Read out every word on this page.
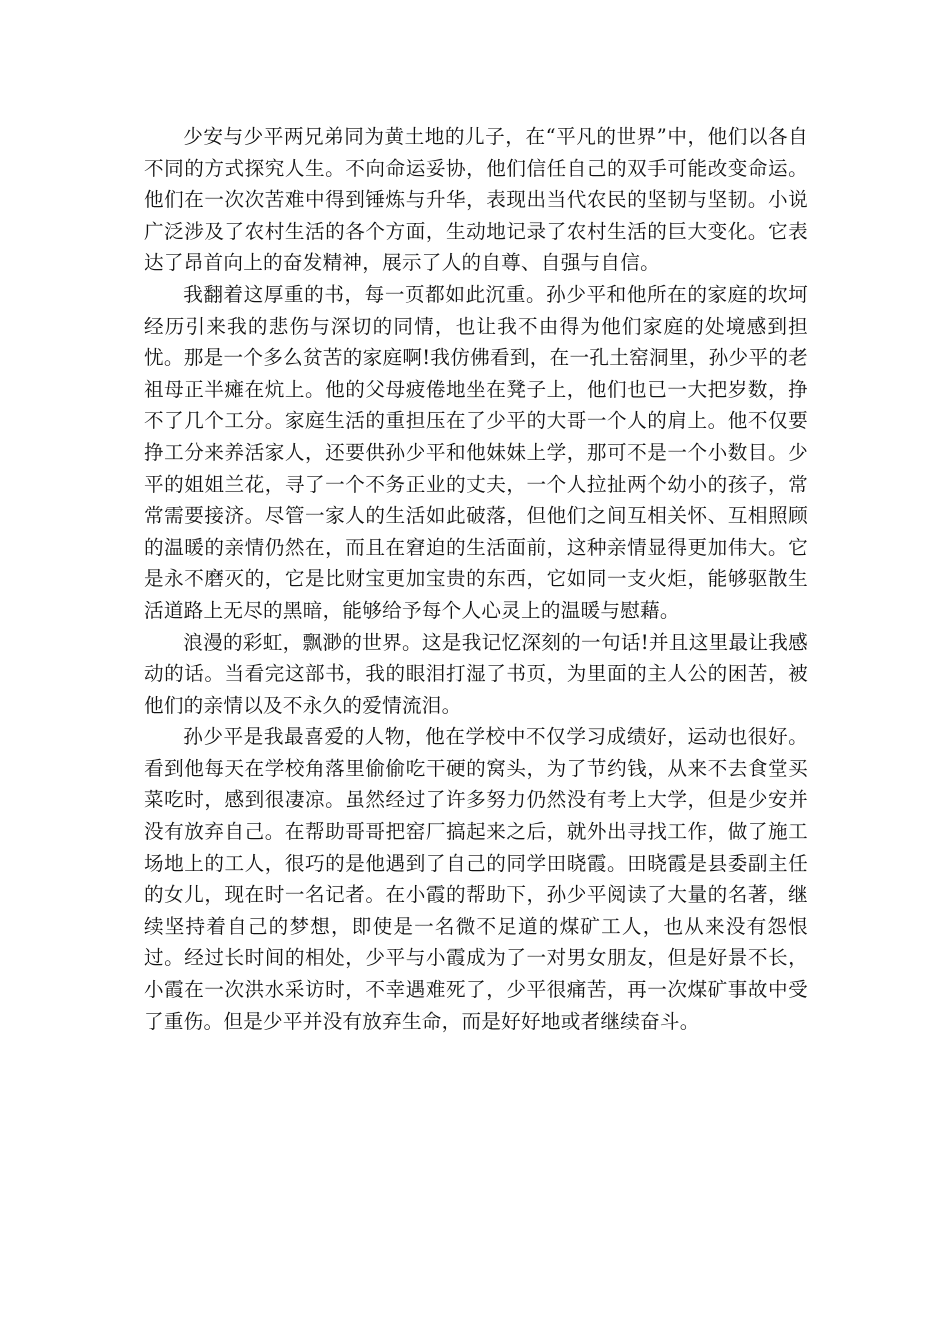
少安与少平两兄弟同为黄土地的儿子，在“平凡的世界”中，他们以各自不同的方式探究人生。不向命运妥协，他们信任自己的双手可能改变命运。他们在一次次苦难中得到锤炼与升华，表现出当代农民的坚韧与坚韧。小说广泛涉及了农村生活的各个方面，生动地记录了农村生活的巨大变化。它表达了昂首向上的奋发精神，展示了人的自尊、自强与自信。

我翻着这厚重的书，每一页都如此沉重。孙少平和他所在的家庭的坎坷经历引来我的悲伤与深切的同情，也让我不由得为他们家庭的处境感到担忧。那是一个多么贫苦的家庭啊!我仿佛看到，在一孔土窑洞里，孙少平的老祖母正半瘫在炕上。他的父母疲倦地坐在凳子上，他们也已一大把岁数，挣不了几个工分。家庭生活的重担压在了少平的大哥一个人的肩上。他不仅要挣工分来养活家人，还要供孙少平和他妹妹上学，那可不是一个小数目。少平的姐姐兰花，寻了一个不务正业的丈夫，一个人拉扯两个幼小的孩子，常常需要接济。尽管一家人的生活如此破落，但他们之间互相关怀、互相照顾的温暖的亲情仍然在，而且在窘迫的生活面前，这种亲情显得更加伟大。它是永不磨灭的，它是比财宝更加宝贵的东西，它如同一支火炬，能够驱散生活道路上无尽的黑暗，能够给予每个人心灵上的温暖与慰藉。

浪漫的彩虹，飘渺的世界。这是我记忆深刻的一句话!并且这里最让我感动的话。当看完这部书，我的眼泪打湿了书页，为里面的主人公的困苦，被他们的亲情以及不永久的爱情流泪。

孙少平是我最喜爱的人物，他在学校中不仅学习成绩好，运动也很好。看到他每天在学校角落里偷偷吃干硬的窝头，为了节约钱，从来不去食堂买菜吃时，感到很凄凉。虽然经过了许多努力仍然没有考上大学，但是少安并没有放弃自己。在帮助哥哥把窑厂搞起来之后，就外出寻找工作，做了施工场地上的工人，很巧的是他遇到了自己的同学田晓霞。田晓霞是县委副主任的女儿，现在时一名记者。在小霞的帮助下，孙少平阅读了大量的名著，继续坚持着自己的梦想，即使是一名微不足道的煤矿工人，也从来没有怨恨过。经过长时间的相处，少平与小霞成为了一对男女朋友，但是好景不长，小霞在一次洪水采访时，不幸遇难死了，少平很痛苦，再一次煤矿事故中受了重伤。但是少平并没有放弃生命，而是好好地或者继续奋斗。
